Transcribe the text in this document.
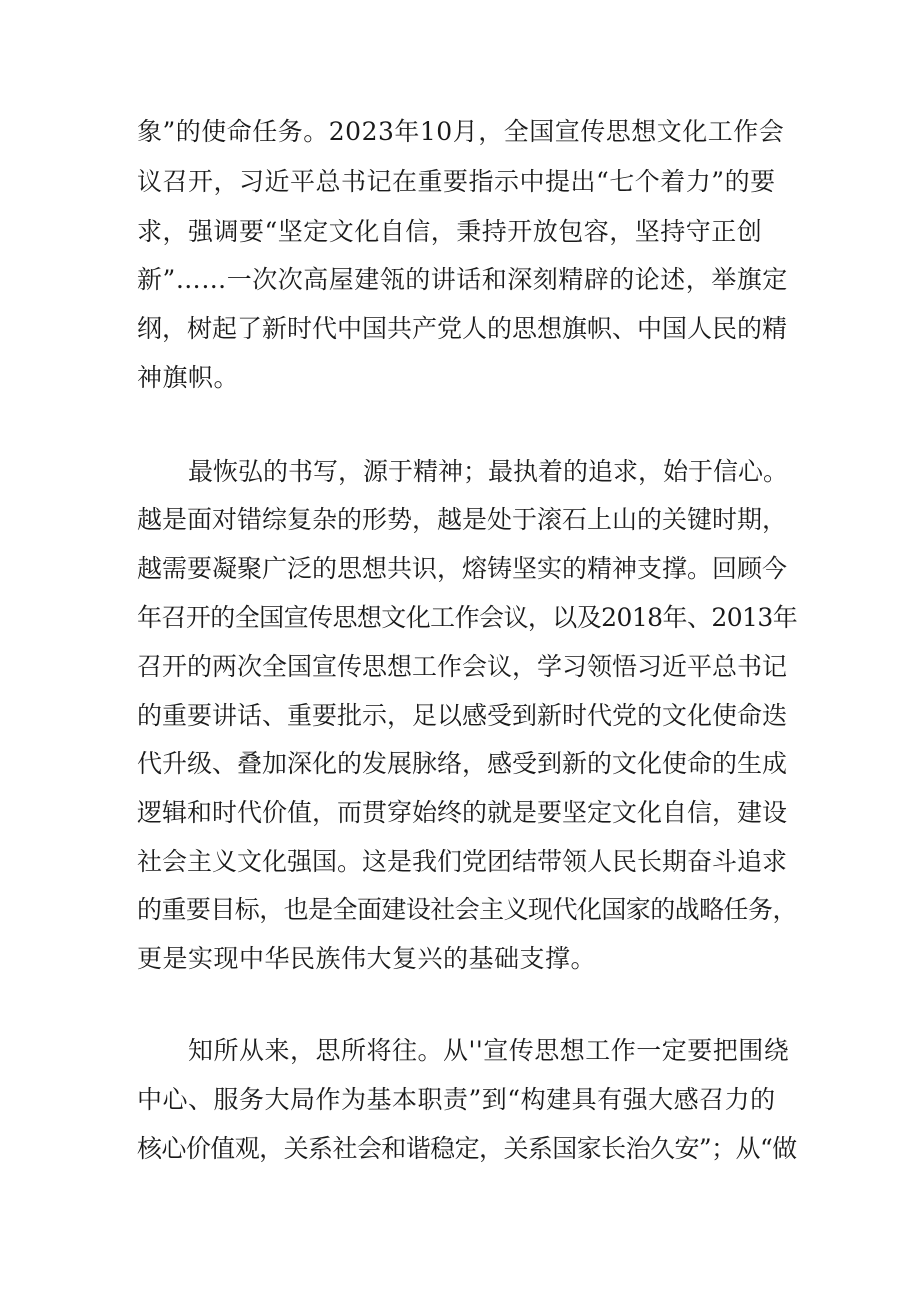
象”的使命任务。2023年10月，全国宣传思想文化工作会
议召开，习近平总书记在重要指示中提出“七个着力”的要
求，强调要“坚定文化自信，秉持开放包容，坚持守正创
新”……一次次高屋建瓴的讲话和深刻精辟的论述，举旗定
纲，树起了新时代中国共产党人的思想旗帜、中国人民的精
神旗帜。
最恢弘的书写，源于精神；最执着的追求，始于信心。
越是面对错综复杂的形势，越是处于滚石上山的关键时期，
越需要凝聚广泛的思想共识，熔铸坚实的精神支撑。回顾今
年召开的全国宣传思想文化工作会议，以及2018年、2013年
召开的两次全国宣传思想工作会议，学习领悟习近平总书记
的重要讲话、重要批示，足以感受到新时代党的文化使命迭
代升级、叠加深化的发展脉络，感受到新的文化使命的生成
逻辑和时代价值，而贯穿始终的就是要坚定文化自信，建设
社会主义文化强国。这是我们党团结带领人民长期奋斗追求
的重要目标，也是全面建设社会主义现代化国家的战略任务，
更是实现中华民族伟大复兴的基础支撑。
知所从来，思所将往。从''宣传思想工作一定要把围绕
中心、服务大局作为基本职责”到“构建具有强大感召力的
核心价值观，关系社会和谐稳定，关系国家长治久安”；从“做
